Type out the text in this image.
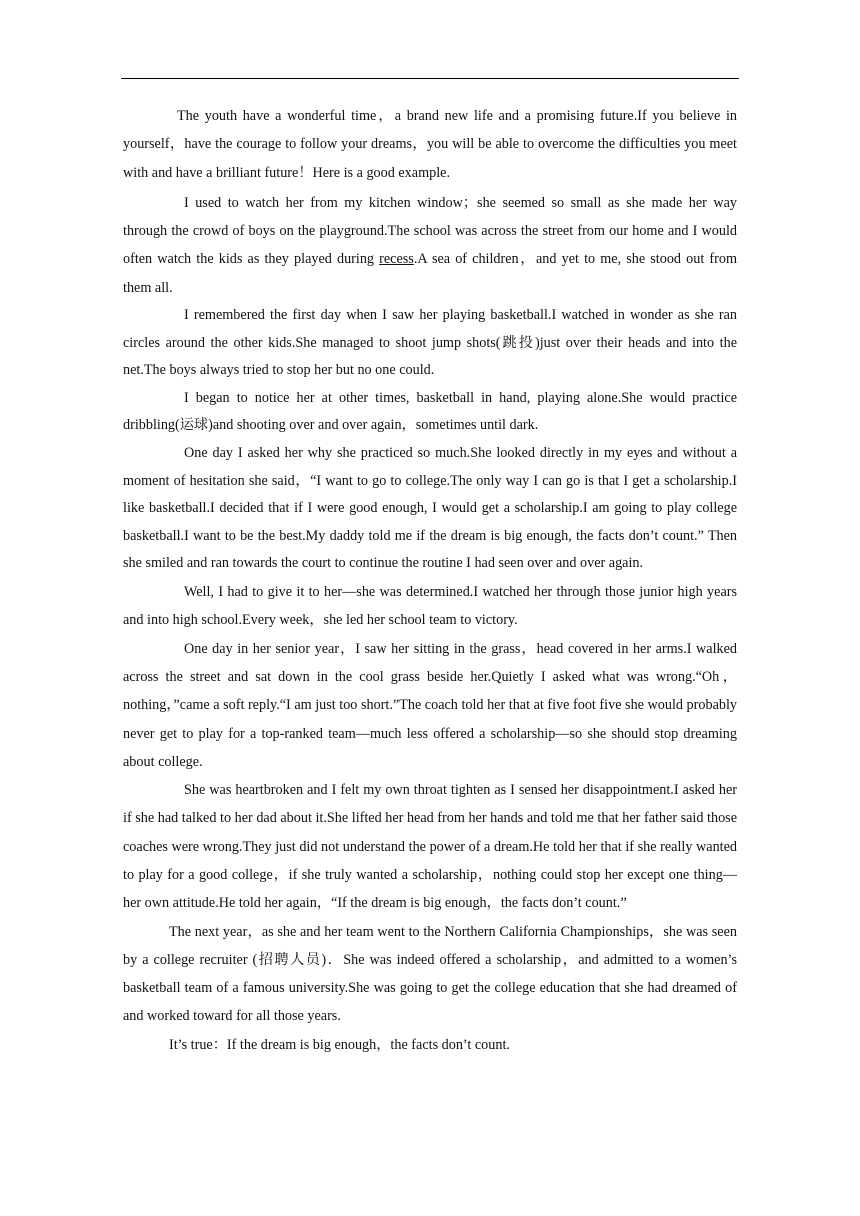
The youth have a wonderful time，a brand new life and a promising future.If you believe in yourself，have the courage to follow your dreams，you will be able to overcome the difficulties you meet with and have a brilliant future！Here is a good example.

I used to watch her from my kitchen window；she seemed so small as she made her way through the crowd of boys on the playground.The school was across the street from our home and I would often watch the kids as they played during recess.A sea of children，and yet to me, she stood out from them all.

I remembered the first day when I saw her playing basketball.I watched in wonder as she ran circles around the other kids.She managed to shoot jump shots(跳投)just over their heads and into the net.The boys always tried to stop her but no one could.

I began to notice her at other times, basketball in hand, playing alone.She would practice dribbling(运球)and shooting over and over again，sometimes until dark.

One day I asked her why she practiced so much.She looked directly in my eyes and without a moment of hesitation she said，“I want to go to college.The only way I can go is that I get a scholarship.I like basketball.I decided that if I were good enough, I would get a scholarship.I am going to play college basketball.I want to be the best.My daddy told me if the dream is big enough, the facts don’t count.” Then she smiled and ran towards the court to continue the routine I had seen over and over again.

Well, I had to give it to her—she was determined.I watched her through those junior high years and into high school.Every week，she led her school team to victory.

One day in her senior year，I saw her sitting in the grass，head covered in her arms.I walked across the street and sat down in the cool grass beside her.Quietly I asked what was wrong.“Oh，nothing，”came a soft reply.“I am just too short.”The coach told her that at five foot five she would probably never get to play for a top-ranked team—much less offered a scholarship—so she should stop dreaming about college.

She was heartbroken and I felt my own throat tighten as I sensed her disappointment.I asked her if she had talked to her dad about it.She lifted her head from her hands and told me that her father said those coaches were wrong.They just did not understand the power of a dream.He told her that if she really wanted to play for a good college，if she truly wanted a scholarship，nothing could stop her except one thing—her own attitude.He told her again，“If the dream is big enough，the facts don’t count.”

The next year，as she and her team went to the Northern California Championships，she was seen by a college recruiter (招聘人员)．She was indeed offered a scholarship，and admitted to a women’s basketball team of a famous university.She was going to get the college education that she had dreamed of and worked toward for all those years.

It’s true：If the dream is big enough，the facts don’t count.
